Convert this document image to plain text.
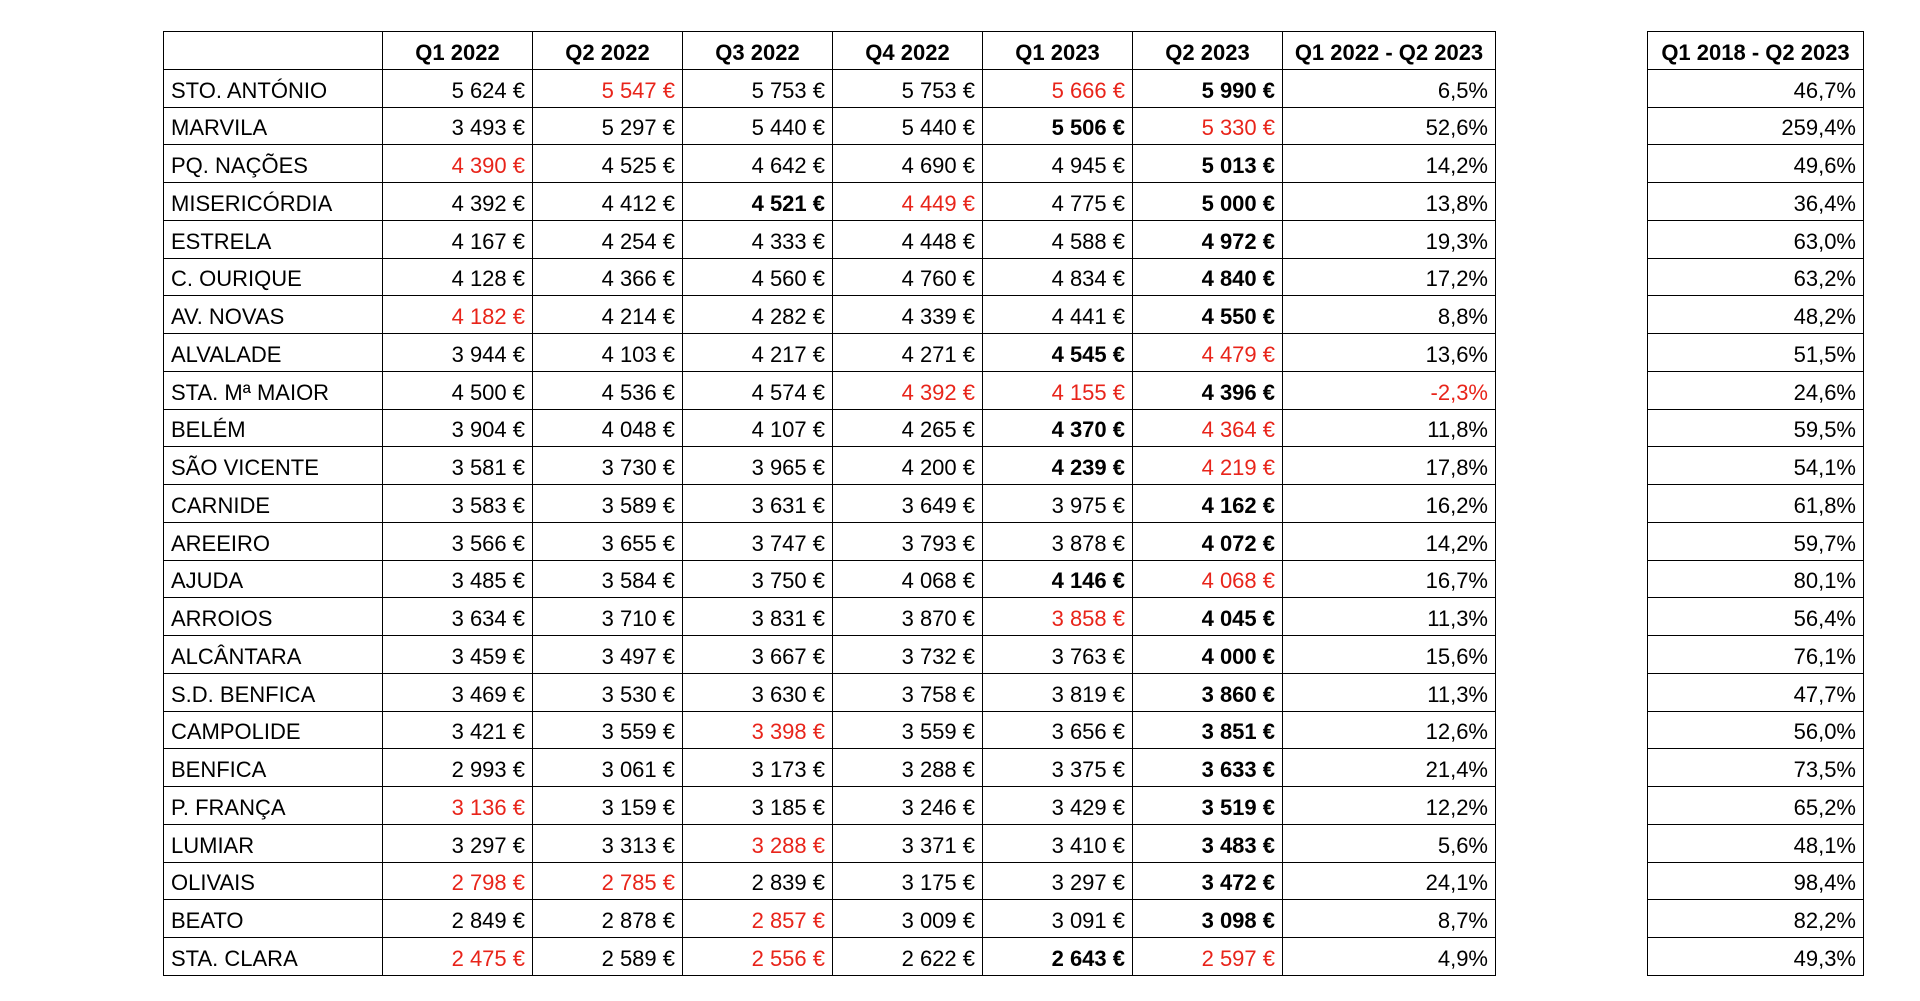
	Q1 2022	Q2 2022	Q3 2022	Q4 2022	Q1 2023	Q2 2023	Q1 2022 - Q2 2023
STO. ANTÓNIO	5 624 €	5 547 €	5 753 €	5 753 €	5 666 €	5 990 €	6,5%
MARVILA	3 493 €	5 297 €	5 440 €	5 440 €	5 506 €	5 330 €	52,6%
PQ. NAÇÕES	4 390 €	4 525 €	4 642 €	4 690 €	4 945 €	5 013 €	14,2%
MISERICÓRDIA	4 392 €	4 412 €	4 521 €	4 449 €	4 775 €	5 000 €	13,8%
ESTRELA	4 167 €	4 254 €	4 333 €	4 448 €	4 588 €	4 972 €	19,3%
C. OURIQUE	4 128 €	4 366 €	4 560 €	4 760 €	4 834 €	4 840 €	17,2%
AV. NOVAS	4 182 €	4 214 €	4 282 €	4 339 €	4 441 €	4 550 €	8,8%
ALVALADE	3 944 €	4 103 €	4 217 €	4 271 €	4 545 €	4 479 €	13,6%
STA. Mª MAIOR	4 500 €	4 536 €	4 574 €	4 392 €	4 155 €	4 396 €	-2,3%
BELÉM	3 904 €	4 048 €	4 107 €	4 265 €	4 370 €	4 364 €	11,8%
SÃO VICENTE	3 581 €	3 730 €	3 965 €	4 200 €	4 239 €	4 219 €	17,8%
CARNIDE	3 583 €	3 589 €	3 631 €	3 649 €	3 975 €	4 162 €	16,2%
AREEIRO	3 566 €	3 655 €	3 747 €	3 793 €	3 878 €	4 072 €	14,2%
AJUDA	3 485 €	3 584 €	3 750 €	4 068 €	4 146 €	4 068 €	16,7%
ARROIOS	3 634 €	3 710 €	3 831 €	3 870 €	3 858 €	4 045 €	11,3%
ALCÂNTARA	3 459 €	3 497 €	3 667 €	3 732 €	3 763 €	4 000 €	15,6%
S.D. BENFICA	3 469 €	3 530 €	3 630 €	3 758 €	3 819 €	3 860 €	11,3%
CAMPOLIDE	3 421 €	3 559 €	3 398 €	3 559 €	3 656 €	3 851 €	12,6%
BENFICA	2 993 €	3 061 €	3 173 €	3 288 €	3 375 €	3 633 €	21,4%
P. FRANÇA	3 136 €	3 159 €	3 185 €	3 246 €	3 429 €	3 519 €	12,2%
LUMIAR	3 297 €	3 313 €	3 288 €	3 371 €	3 410 €	3 483 €	5,6%
OLIVAIS	2 798 €	2 785 €	2 839 €	3 175 €	3 297 €	3 472 €	24,1%
BEATO	2 849 €	2 878 €	2 857 €	3 009 €	3 091 €	3 098 €	8,7%
STA. CLARA	2 475 €	2 589 €	2 556 €	2 622 €	2 643 €	2 597 €	4,9%
Q1 2018 - Q2 2023
46,7%
259,4%
49,6%
36,4%
63,0%
63,2%
48,2%
51,5%
24,6%
59,5%
54,1%
61,8%
59,7%
80,1%
56,4%
76,1%
47,7%
56,0%
73,5%
65,2%
48,1%
98,4%
82,2%
49,3%
